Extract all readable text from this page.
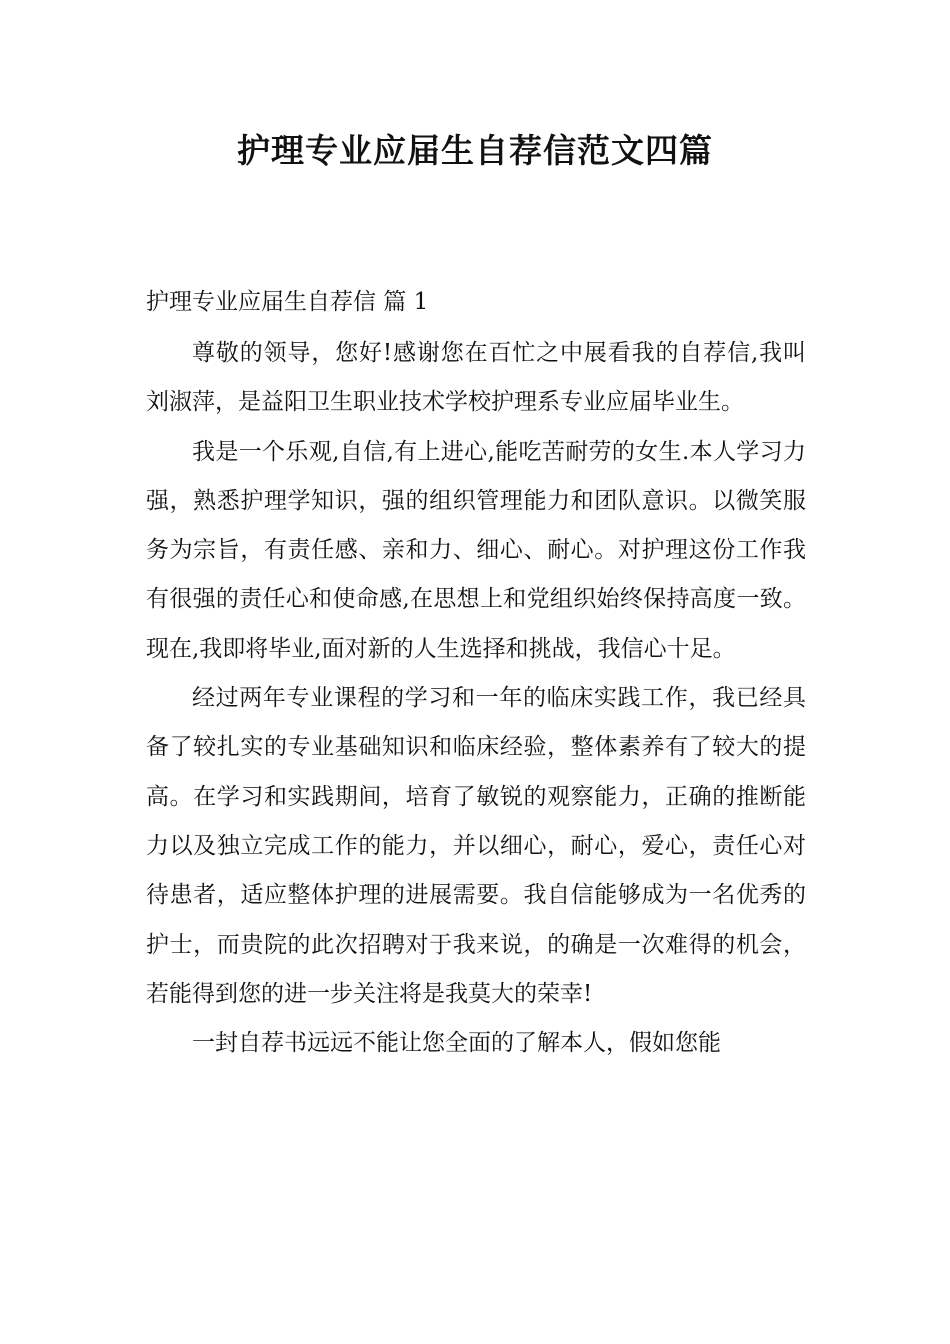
护理专业应届生自荐信范文四篇
护理专业应届生自荐信 篇 1

尊敬的领导，您好!感谢您在百忙之中展看我的自荐信,我叫刘淑萍，是益阳卫生职业技术学校护理系专业应届毕业生。

我是一个乐观,自信,有上进心,能吃苦耐劳的女生.本人学习力强，熟悉护理学知识，强的组织管理能力和团队意识。以微笑服务为宗旨，有责任感、亲和力、细心、耐心。对护理这份工作我有很强的责任心和使命感,在思想上和党组织始终保持高度一致。现在,我即将毕业,面对新的人生选择和挑战，我信心十足。

经过两年专业课程的学习和一年的临床实践工作，我已经具备了较扎实的专业基础知识和临床经验，整体素养有了较大的提高。在学习和实践期间，培育了敏锐的观察能力，正确的推断能力以及独立完成工作的能力，并以细心，耐心，爱心，责任心对待患者，适应整体护理的进展需要。我自信能够成为一名优秀的护士，而贵院的此次招聘对于我来说，的确是一次难得的机会，若能得到您的进一步关注将是我莫大的荣幸!

一封自荐书远远不能让您全面的了解本人，假如您能
